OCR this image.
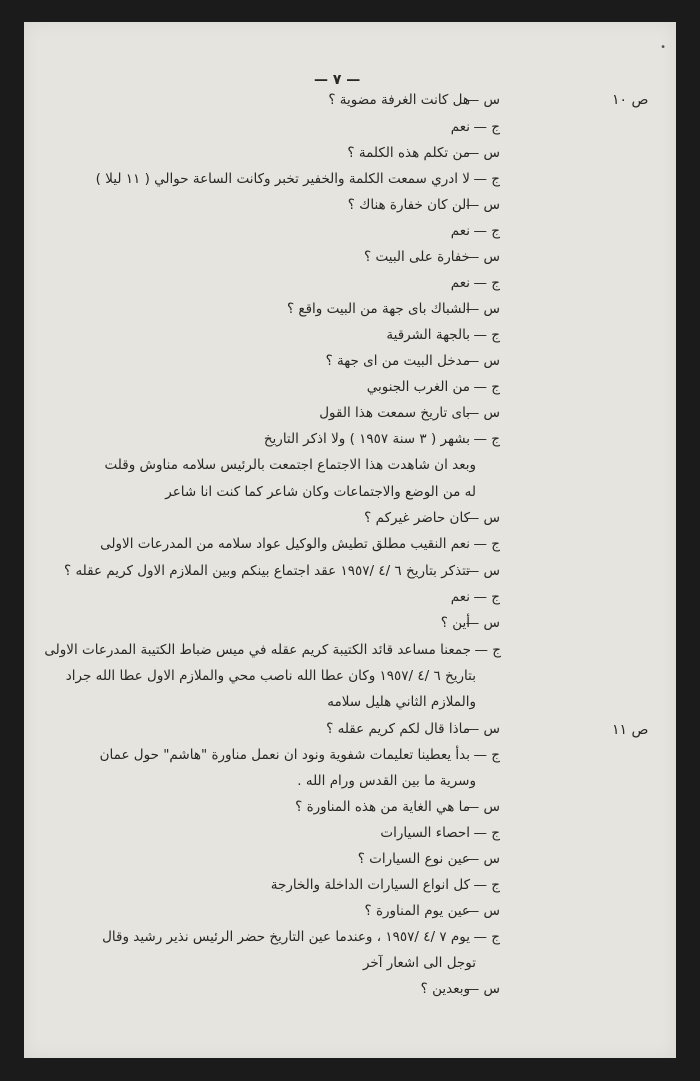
•
— ٧ —
ص ١٠
ص ١١
س —هل كانت الغرفة مضوية ؟
ج —نعم
س —من تكلم هذه الكلمة ؟
ج —لا ادري سمعت الكلمة والخفير تخبر وكانت الساعة حوالي ( ١١ ليلا )
س —الن كان خفارة هناك ؟
ج —نعم
س —خفارة على البيت ؟
ج —نعم
س —الشباك باى جهة من البيت واقع ؟
ج —بالجهة الشرقية
س —مدخل البيت من اى جهة ؟
ج —من الغرب الجنوبي
س —باى تاريخ سمعت هذا القول
ج —بشهر ( ٣ سنة ١٩٥٧ ) ولا اذكر التاريخ
وبعد ان شاهدت هذا الاجتماع اجتمعت بالرئيس سلامه مناوش وقلت
له من الوضع والاجتماعات وكان شاعر كما كنت انا شاعر
س —كان حاضر غيركم ؟
ج —نعم النقيب مطلق تطيش والوكيل عواد سلامه من المدرعات الاولى
س —تتذكر بتاريخ ٦ /٤ /١٩٥٧ عقد اجتماع بينكم وبين الملازم الاول كريم عقله ؟
ج —نعم
س —أين ؟
ج —جمعنا مساعد قائد الكتيبة كريم عقله في ميس ضباط الكتيبة المدرعات الاولى
بتاريخ ٦ /٤ /١٩٥٧ وكان عطا الله ناصب محي والملازم الاول عطا الله جراد
والملازم الثاني هليل سلامه
س —ماذا قال لكم كريم عقله ؟
ج —بدأ يعطينا تعليمات شفوية ونود ان نعمل مناورة "هاشم" حول عمان
وسرية ما بين القدس ورام الله .
س —ما هي الغاية من هذه المناورة ؟
ج —احصاء السيارات
س —عين نوع السيارات ؟
ج —كل انواع السيارات الداخلة والخارجة
س —عين يوم المناورة ؟
ج —يوم ٧ /٤ /١٩٥٧ ، وعندما عين التاريخ حضر الرئيس نذير رشيد وقال
توجل الى اشعار آخر
س —وبعدين ؟
